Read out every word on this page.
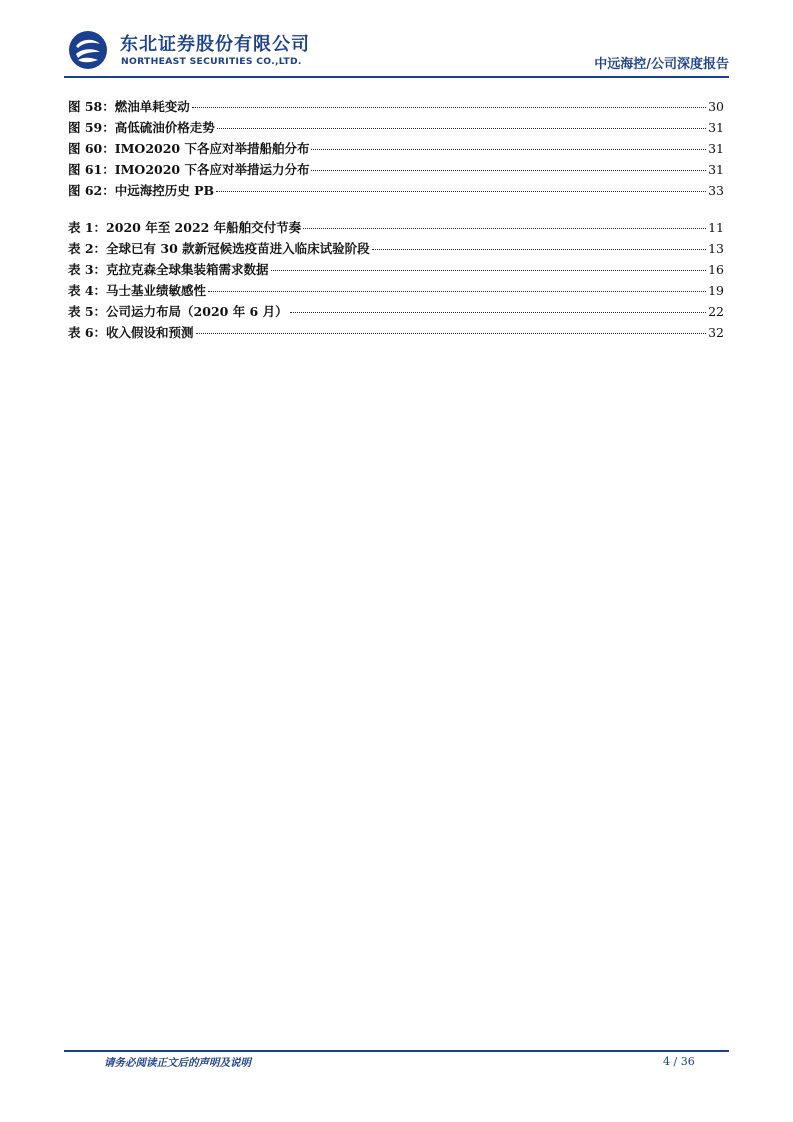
东北证券股份有限公司
NORTHEAST SECURITIES CO.,LTD.	中远海控/公司深度报告
图 58：燃油单耗变动	30
图 59：高低硫油价格走势	31
图 60：IMO2020 下各应对举措船舶分布	31
图 61：IMO2020 下各应对举措运力分布	31
图 62：中远海控历史 PB	33
表 1：2020 年至 2022 年船舶交付节奏	11
表 2：全球已有 30 款新冠候选疫苗进入临床试验阶段	13
表 3：克拉克森全球集装箱需求数据	16
表 4：马士基业绩敏感性	19
表 5：公司运力布局（2020 年 6 月）	22
表 6：收入假设和预测	32
请务必阅读正文后的声明及说明	4 / 36
